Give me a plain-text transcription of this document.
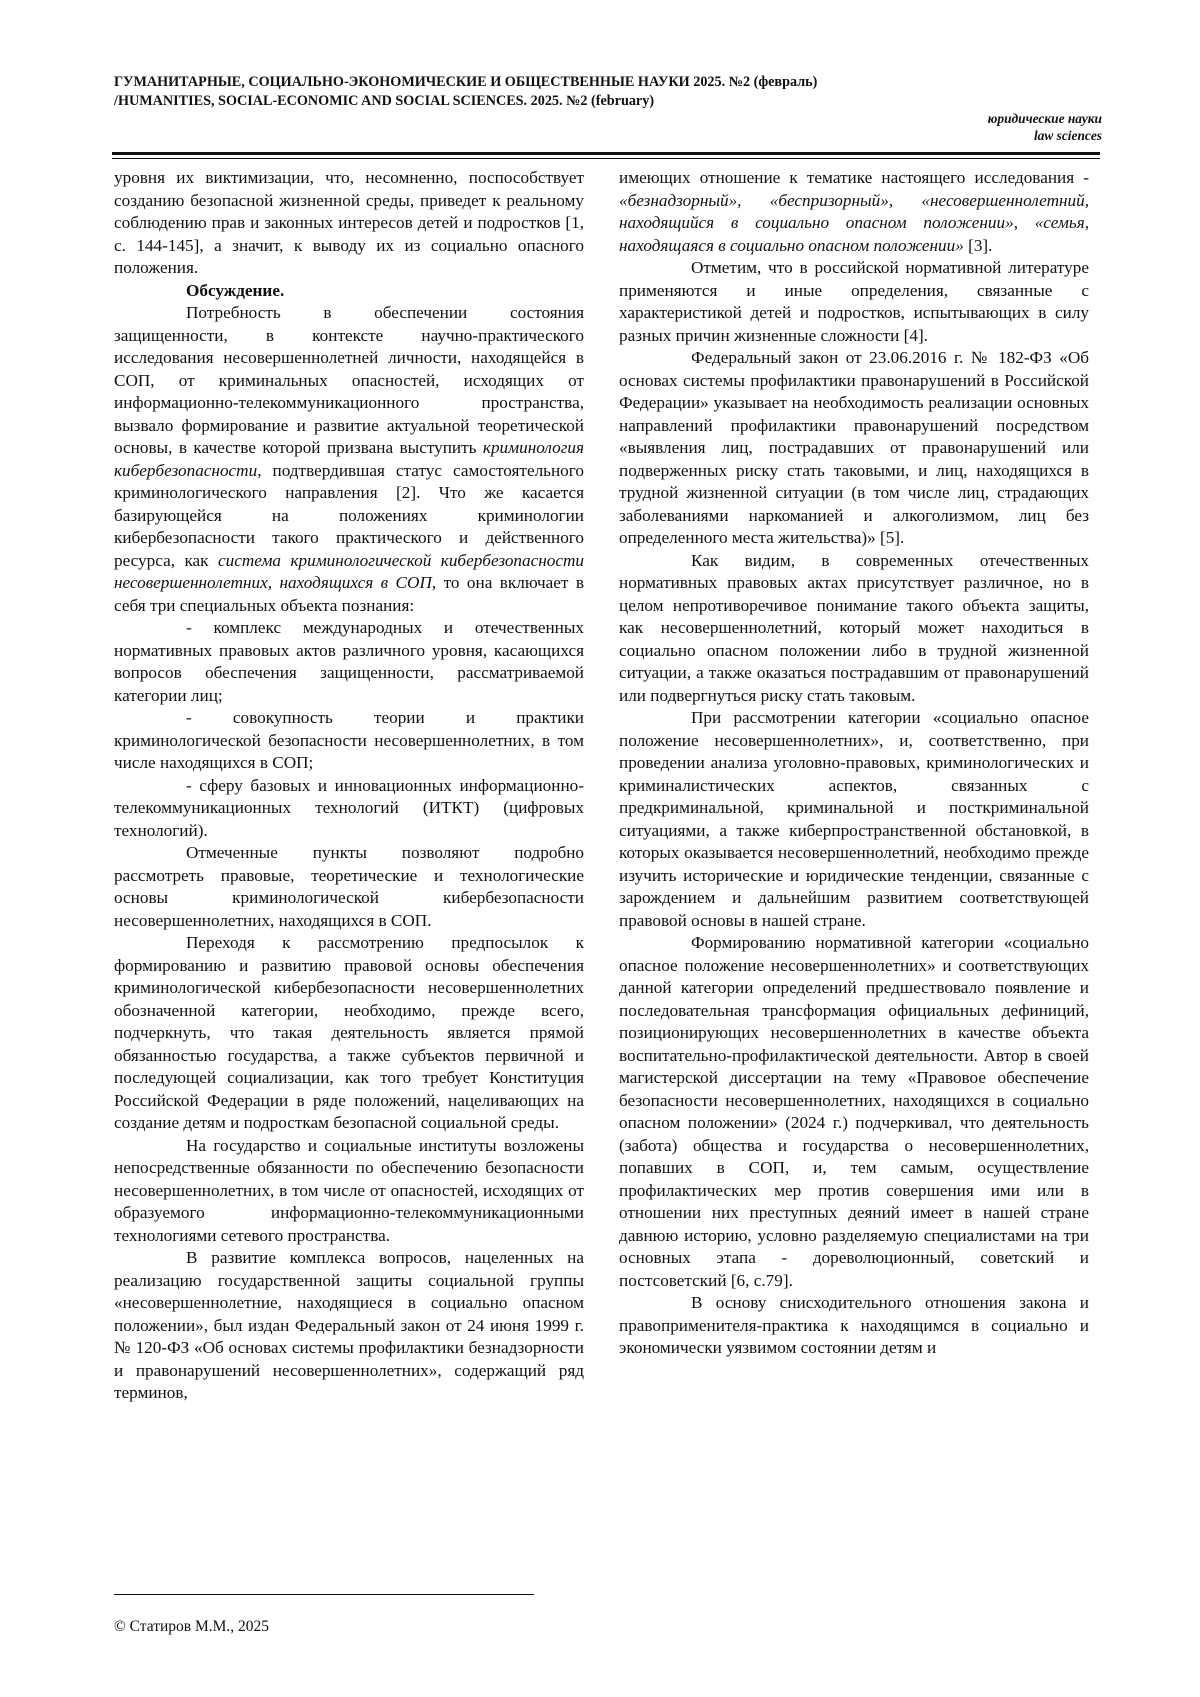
ГУМАНИТАРНЫЕ, СОЦИАЛЬНО-ЭКОНОМИЧЕСКИЕ И ОБЩЕСТВЕННЫЕ НАУКИ 2025. №2 (февраль)
/HUMANITIES, SOCIAL-ECONOMIC AND SOCIAL SCIENCES. 2025. №2 (february)
юридические науки
law sciences

уровня их виктимизации, что, несомненно, поспособствует созданию безопасной жизненной среды, приведет к реальному соблюдению прав и законных интересов детей и подростков [1, с. 144-145], а значит, к выводу их из социально опасного положения.

Обсуждение.

Потребность в обеспечении состояния защищенности, в контексте научно-практического исследования несовершеннолетней личности, находящейся в СОП, от криминальных опасностей, исходящих от информационно-телекоммуникационного пространства, вызвало формирование и развитие актуальной теоретической основы, в качестве которой призвана выступить криминология кибербезопасности, подтвердившая статус самостоятельного криминологического направления [2]. Что же касается базирующейся на положениях криминологии кибербезопасности такого практического и действенного ресурса, как система криминологической кибербезопасности несовершеннолетних, находящихся в СОП, то она включает в себя три специальных объекта познания:

- комплекс международных и отечественных нормативных правовых актов различного уровня, касающихся вопросов обеспечения защищенности, рассматриваемой категории лиц;

- совокупность теории и практики криминологической безопасности несовершеннолетних, в том числе находящихся в СОП;

- сферу базовых и инновационных информационно-телекоммуникационных технологий (ИТКТ) (цифровых технологий).

Отмеченные пункты позволяют подробно рассмотреть правовые, теоретические и технологические основы криминологической кибербезопасности несовершеннолетних, находящихся в СОП.

Переходя к рассмотрению предпосылок к формированию и развитию правовой основы обеспечения криминологической кибербезопасности несовершеннолетних обозначенной категории, необходимо, прежде всего, подчеркнуть, что такая деятельность является прямой обязанностью государства, а также субъектов первичной и последующей социализации, как того требует Конституция Российской Федерации в ряде положений, нацеливающих на создание детям и подросткам безопасной социальной среды.

На государство и социальные институты возложены непосредственные обязанности по обеспечению безопасности несовершеннолетних, в том числе от опасностей, исходящих от образуемого информационно-телекоммуникационными технологиями сетевого пространства.

В развитие комплекса вопросов, нацеленных на реализацию государственной защиты социальной группы «несовершеннолетние, находящиеся в социально опасном положении», был издан Федеральный закон от 24 июня 1999 г. № 120-ФЗ «Об основах системы профилактики безнадзорности и правонарушений несовершеннолетних», содержащий ряд терминов,

имеющих отношение к тематике настоящего исследования - «безнадзорный», «беспризорный», «несовершеннолетний, находящийся в социально опасном положении», «семья, находящаяся в социально опасном положении» [3].

Отметим, что в российской нормативной литературе применяются и иные определения, связанные с характеристикой детей и подростков, испытывающих в силу разных причин жизненные сложности [4].

Федеральный закон от 23.06.2016 г. № 182-ФЗ «Об основах системы профилактики правонарушений в Российской Федерации» указывает на необходимость реализации основных направлений профилактики правонарушений посредством «выявления лиц, пострадавших от правонарушений или подверженных риску стать таковыми, и лиц, находящихся в трудной жизненной ситуации (в том числе лиц, страдающих заболеваниями наркоманией и алкоголизмом, лиц без определенного места жительства)» [5].

Как видим, в современных отечественных нормативных правовых актах присутствует различное, но в целом непротиворечивое понимание такого объекта защиты, как несовершеннолетний, который может находиться в социально опасном положении либо в трудной жизненной ситуации, а также оказаться пострадавшим от правонарушений или подвергнуться риску стать таковым.

При рассмотрении категории «социально опасное положение несовершеннолетних», и, соответственно, при проведении анализа уголовно-правовых, криминологических и криминалистических аспектов, связанных с предкриминальной, криминальной и посткриминальной ситуациями, а также киберпространственной обстановкой, в которых оказывается несовершеннолетний, необходимо прежде изучить исторические и юридические тенденции, связанные с зарождением и дальнейшим развитием соответствующей правовой основы в нашей стране.

Формированию нормативной категории «социально опасное положение несовершеннолетних» и соответствующих данной категории определений предшествовало появление и последовательная трансформация официальных дефиниций, позиционирующих несовершеннолетних в качестве объекта воспитательно-профилактической деятельности. Автор в своей магистерской диссертации на тему «Правовое обеспечение безопасности несовершеннолетних, находящихся в социально опасном положении» (2024 г.) подчеркивал, что деятельность (забота) общества и государства о несовершеннолетних, попавших в СОП, и, тем самым, осуществление профилактических мер против совершения ими или в отношении них преступных деяний имеет в нашей стране давнюю историю, условно разделяемую специалистами на три основных этапа - дореволюционный, советский и постсоветский [6, с.79].

В основу снисходительного отношения закона и правоприменителя-практика к находящимся в социально и экономически уязвимом состоянии детям и

© Статиров М.М., 2025
